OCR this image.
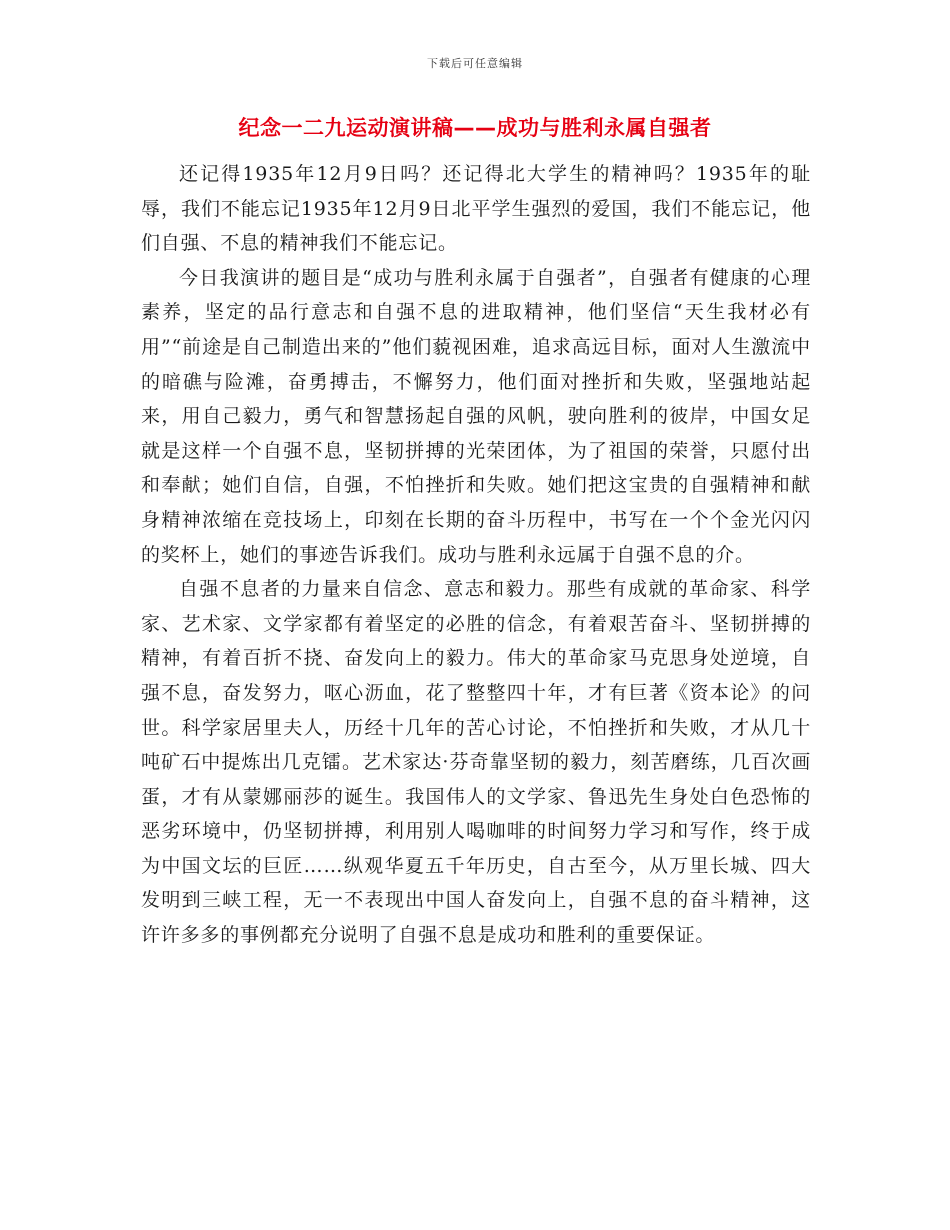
下载后可任意编辑
纪念一二九运动演讲稿——成功与胜利永属自强者

还记得1935年12月9日吗？还记得北大学生的精神吗？1935年的耻辱，我们不能忘记1935年12月9日北平学生强烈的爱国，我们不能忘记，他们自强、不息的精神我们不能忘记。

今日我演讲的题目是“成功与胜利永属于自强者”，自强者有健康的心理素养，坚定的品行意志和自强不息的进取精神，他们坚信“天生我材必有用”“前途是自己制造出来的”他们藐视困难，追求高远目标，面对人生激流中的暗礁与险滩，奋勇搏击，不懈努力，他们面对挫折和失败，坚强地站起来，用自己毅力，勇气和智慧扬起自强的风帆，驶向胜利的彼岸，中国女足就是这样一个自强不息，坚韧拼搏的光荣团体，为了祖国的荣誉，只愿付出和奉献；她们自信，自强，不怕挫折和失败。她们把这宝贵的自强精神和献身精神浓缩在竞技场上，印刻在长期的奋斗历程中，书写在一个个金光闪闪的奖杯上，她们的事迹告诉我们。成功与胜利永远属于自强不息的介。

自强不息者的力量来自信念、意志和毅力。那些有成就的革命家、科学家、艺术家、文学家都有着坚定的必胜的信念，有着艰苦奋斗、坚韧拼搏的精神，有着百折不挠、奋发向上的毅力。伟大的革命家马克思身处逆境，自强不息，奋发努力，呕心沥血，花了整整四十年，才有巨著《资本论》的问世。科学家居里夫人，历经十几年的苦心讨论，不怕挫折和失败，才从几十吨矿石中提炼出几克镭。艺术家达·芬奇靠坚韧的毅力，刻苦磨练，几百次画蛋，才有从蒙娜丽莎的诞生。我国伟人的文学家、鲁迅先生身处白色恐怖的恶劣环境中，仍坚韧拼搏，利用别人喝咖啡的时间努力学习和写作，终于成为中国文坛的巨匠……纵观华夏五千年历史，自古至今，从万里长城、四大发明到三峡工程，无一不表现出中国人奋发向上，自强不息的奋斗精神，这许许多多的事例都充分说明了自强不息是成功和胜利的重要保证。
